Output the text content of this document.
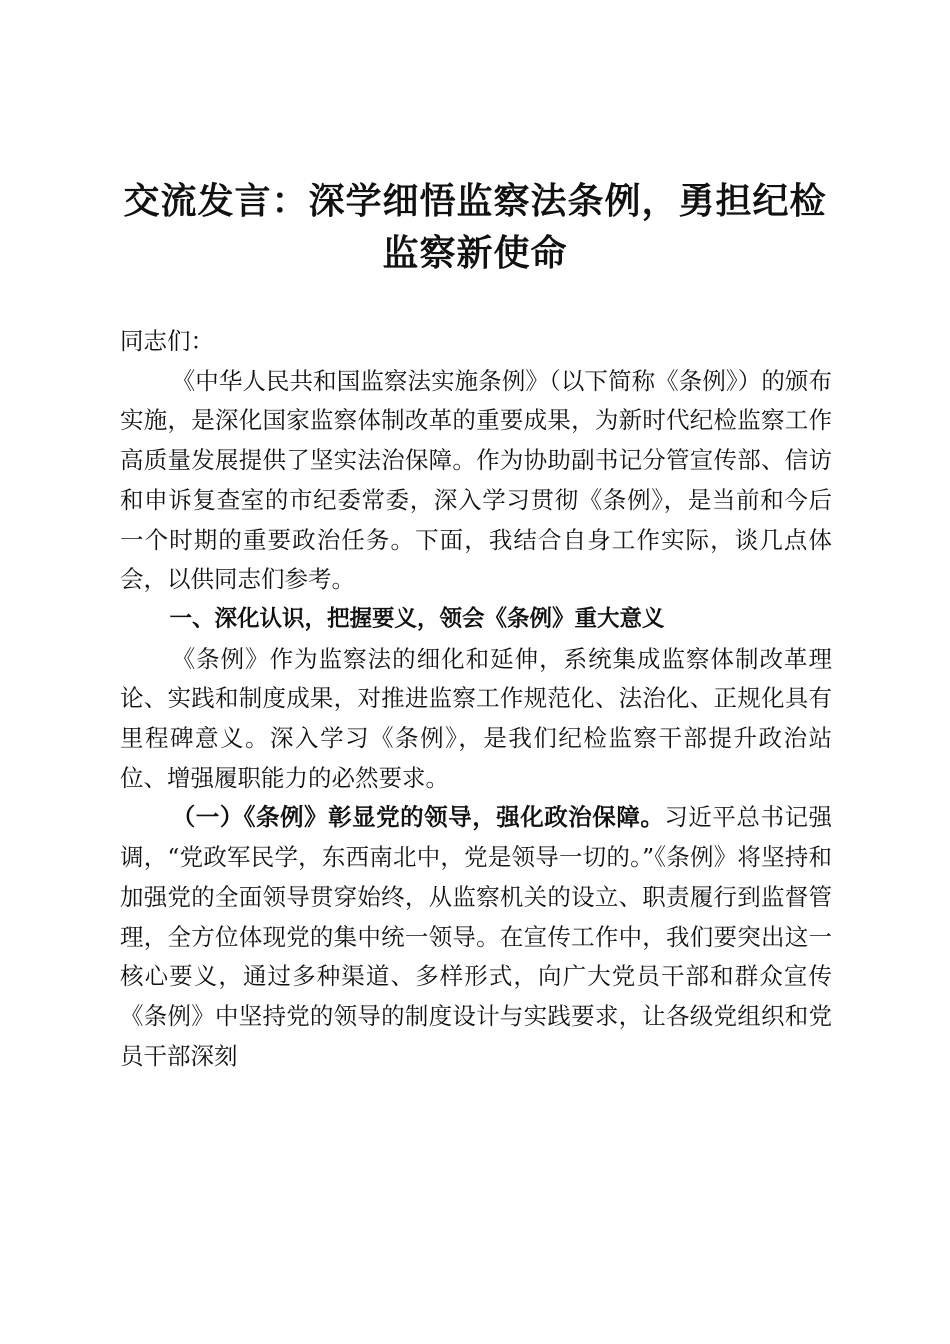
交流发言：深学细悟监察法条例，勇担纪检监察新使命

同志们：

《中华人民共和国监察法实施条例》（以下简称《条例》）的颁布实施，是深化国家监察体制改革的重要成果，为新时代纪检监察工作高质量发展提供了坚实法治保障。作为协助副书记分管宣传部、信访和申诉复查室的市纪委常委，深入学习贯彻《条例》，是当前和今后一个时期的重要政治任务。下面，我结合自身工作实际，谈几点体会，以供同志们参考。

一、深化认识，把握要义，领会《条例》重大意义

《条例》作为监察法的细化和延伸，系统集成监察体制改革理论、实践和制度成果，对推进监察工作规范化、法治化、正规化具有里程碑意义。深入学习《条例》，是我们纪检监察干部提升政治站位、增强履职能力的必然要求。

（一）《条例》彰显党的领导，强化政治保障。习近平总书记强调，“党政军民学，东西南北中，党是领导一切的。”《条例》将坚持和加强党的全面领导贯穿始终，从监察机关的设立、职责履行到监督管理，全方位体现党的集中统一领导。在宣传工作中，我们要突出这一核心要义，通过多种渠道、多样形式，向广大党员干部和群众宣传《条例》中坚持党的领导的制度设计与实践要求，让各级党组织和党员干部深刻
